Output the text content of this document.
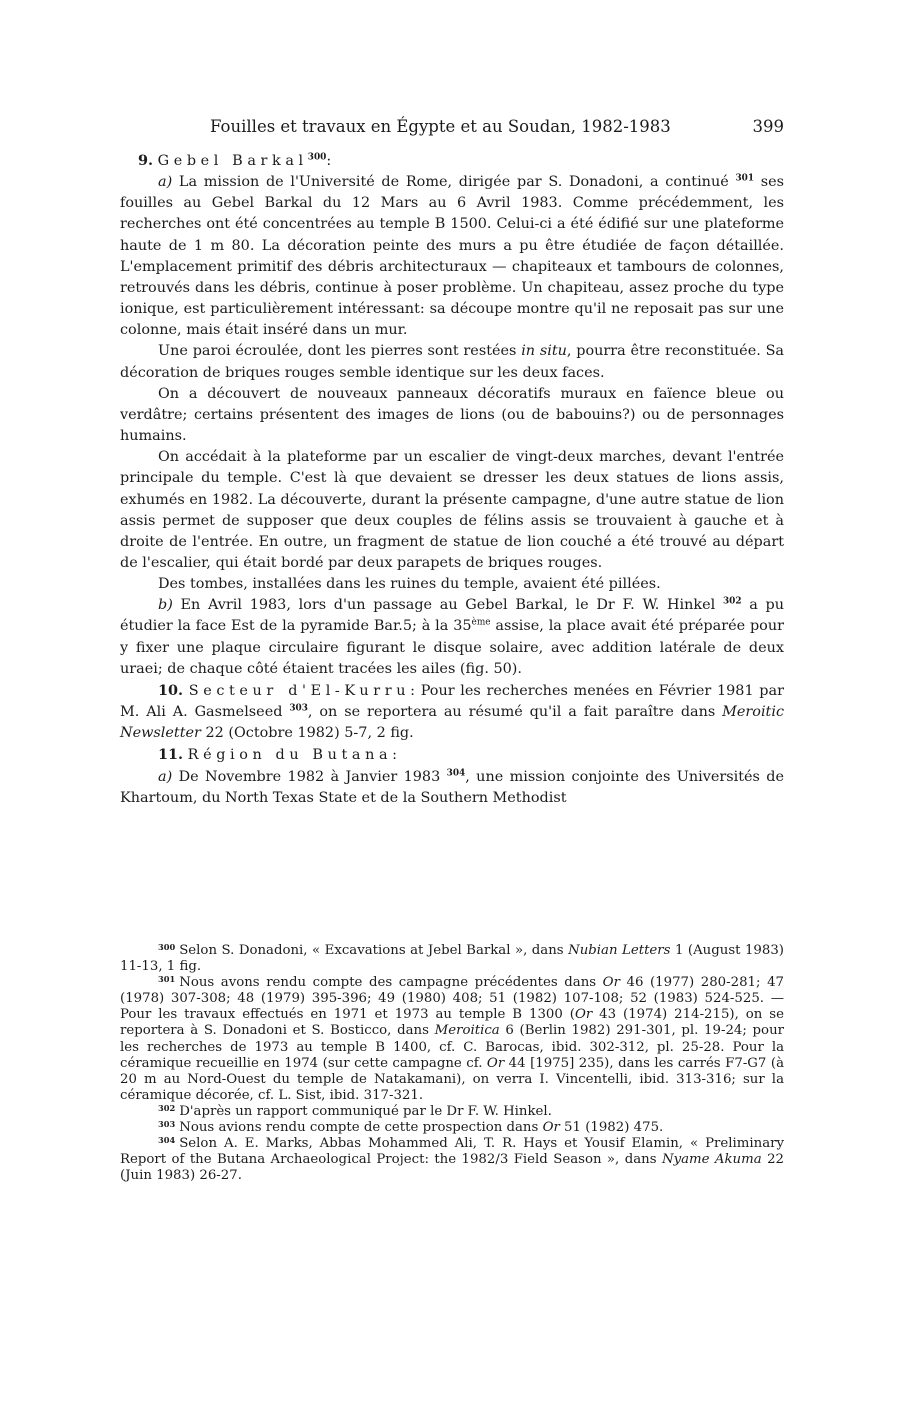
Fouilles et travaux en Égypte et au Soudan, 1982-1983	399

9. Gebel Barkal$^{300}$:

a) La mission de l'Université de Rome, dirigée par S. Donadoni, a continué $^{301}$ ses fouilles au Gebel Barkal du 12 Mars au 6 Avril 1983. Comme précédemment, les recherches ont été concentrées au temple B 1500. Celui-ci a été édifié sur une plateforme haute de 1 m 80. La décoration peinte des murs a pu être étudiée de façon détaillée. L'emplacement primitif des débris architecturaux — chapiteaux et tambours de colonnes, retrouvés dans les débris, continue à poser problème. Un chapiteau, assez proche du type ionique, est particulièrement intéressant: sa découpe montre qu'il ne reposait pas sur une colonne, mais était inséré dans un mur.

Une paroi écroulée, dont les pierres sont restées in situ, pourra être reconstituée. Sa décoration de briques rouges semble identique sur les deux faces.

On a découvert de nouveaux panneaux décoratifs muraux en faïence bleue ou verdâtre; certains présentent des images de lions (ou de babouins?) ou de personnages humains.

On accédait à la plateforme par un escalier de vingt-deux marches, devant l'entrée principale du temple. C'est là que devaient se dresser les deux statues de lions assis, exhumés en 1982. La découverte, durant la présente campagne, d'une autre statue de lion assis permet de supposer que deux couples de félins assis se trouvaient à gauche et à droite de l'entrée. En outre, un fragment de statue de lion couché a été trouvé au départ de l'escalier, qui était bordé par deux parapets de briques rouges.

Des tombes, installées dans les ruines du temple, avaient été pillées.

b) En Avril 1983, lors d'un passage au Gebel Barkal, le Dr F. W. Hinkel $^{302}$ a pu étudier la face Est de la pyramide Bar.5; à la 35ème assise, la place avait été préparée pour y fixer une plaque circulaire figurant le disque solaire, avec addition latérale de deux uraei; de chaque côté étaient tracées les ailes (fig. 50).

10. Secteur d'El-Kurru: Pour les recherches menées en Février 1981 par M. Ali A. Gasmelseed $^{303}$, on se reportera au résumé qu'il a fait paraître dans Meroitic Newsletter 22 (Octobre 1982) 5-7, 2 fig.

11. Région du Butana:

a) De Novembre 1982 à Janvier 1983 $^{304}$, une mission conjointe des Universités de Khartoum, du North Texas State et de la Southern Methodist

$^{300}$ Selon S. Donadoni, « Excavations at Jebel Barkal », dans Nubian Letters 1 (August 1983) 11-13, 1 fig.

$^{301}$ Nous avons rendu compte des campagne précédentes dans Or 46 (1977) 280-281; 47 (1978) 307-308; 48 (1979) 395-396; 49 (1980) 408; 51 (1982) 107-108; 52 (1983) 524-525. — Pour les travaux effectués en 1971 et 1973 au temple B 1300 (Or 43 (1974) 214-215), on se reportera à S. Donadoni et S. Bosticco, dans Meroitica 6 (Berlin 1982) 291-301, pl. 19-24; pour les recherches de 1973 au temple B 1400, cf. C. Barocas, ibid. 302-312, pl. 25-28. Pour la céramique recueillie en 1974 (sur cette campagne cf. Or 44 [1975] 235), dans les carrés F7-G7 (à 20 m au Nord-Ouest du temple de Natakamani), on verra I. Vincentelli, ibid. 313-316; sur la céramique décorée, cf. L. Sist, ibid. 317-321.

$^{302}$ D'après un rapport communiqué par le Dr F. W. Hinkel.

$^{303}$ Nous avions rendu compte de cette prospection dans Or 51 (1982) 475.

$^{304}$ Selon A. E. Marks, Abbas Mohammed Ali, T. R. Hays et Yousif Elamin, « Preliminary Report of the Butana Archaeological Project: the 1982/3 Field Season », dans Nyame Akuma 22 (Juin 1983) 26-27.
